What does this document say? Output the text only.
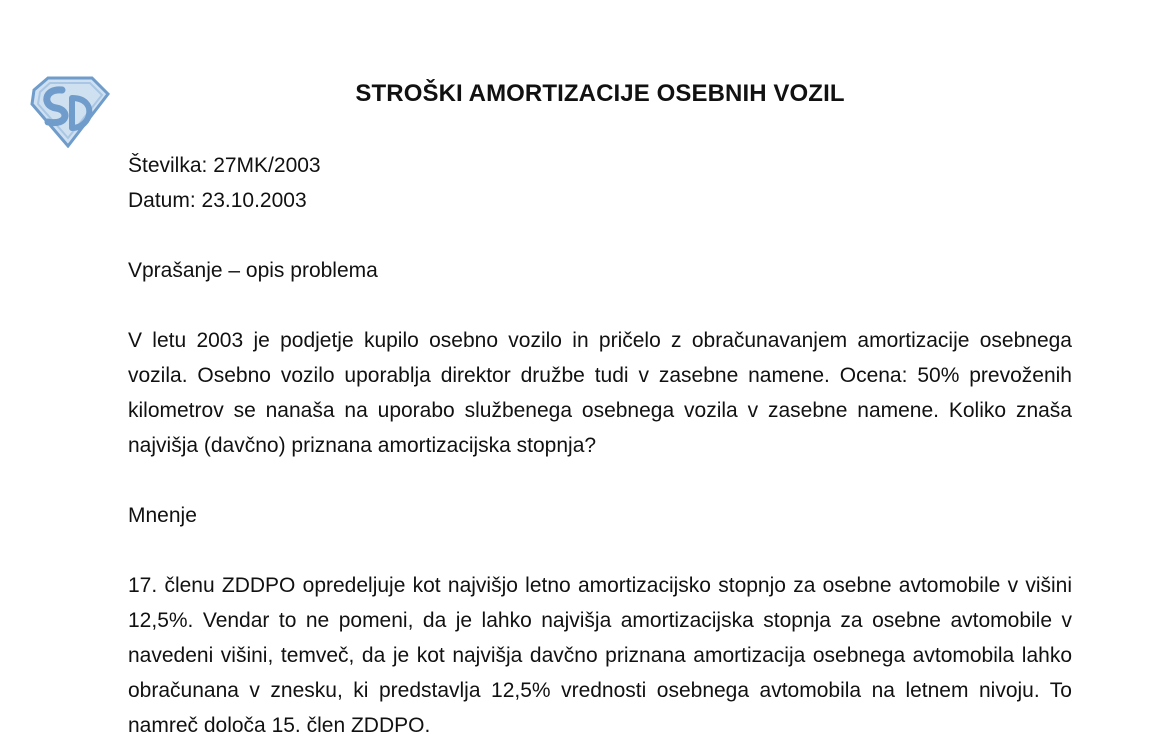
STROŠKI AMORTIZACIJE OSEBNIH VOZIL

Številka: 27MK/2003

Datum: 23.10.2003

Vprašanje – opis problema

V letu 2003 je podjetje kupilo osebno vozilo in pričelo z obračunavanjem amortizacije osebnega vozila. Osebno vozilo uporablja direktor družbe tudi v zasebne namene. Ocena: 50% prevoženih kilometrov se nanaša na uporabo službenega osebnega vozila v zasebne namene. Koliko znaša najvišja (davčno) priznana amortizacijska stopnja?

Mnenje

17. členu ZDDPO opredeljuje kot najvišjo letno amortizacijsko stopnjo za osebne avtomobile v višini 12,5%. Vendar to ne pomeni, da je lahko najvišja amortizacijska stopnja za osebne avtomobile v navedeni višini, temveč, da je kot najvišja davčno priznana amortizacija osebnega avtomobila lahko obračunana v znesku, ki predstavlja 12,5% vrednosti osebnega avtomobila na letnem nivoju. To namreč določa 15. člen ZDDPO.
